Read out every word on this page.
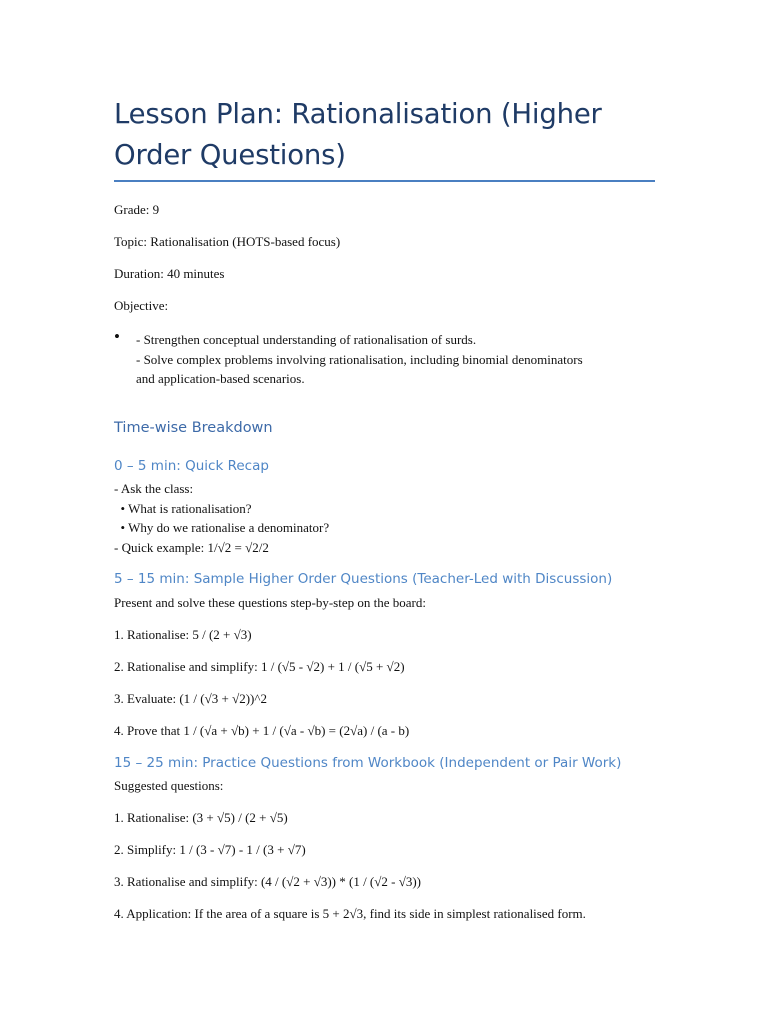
Lesson Plan: Rationalisation (Higher Order Questions)
Grade: 9
Topic: Rationalisation (HOTS-based focus)
Duration: 40 minutes
Objective:
• - Strengthen conceptual understanding of rationalisation of surds.
- Solve complex problems involving rationalisation, including binomial denominators
and application-based scenarios.
Time-wise Breakdown
0 – 5 min: Quick Recap
- Ask the class:
• What is rationalisation?
• Why do we rationalise a denominator?
- Quick example: 1/√2 = √2/2
5 – 15 min: Sample Higher Order Questions (Teacher-Led with Discussion)
Present and solve these questions step-by-step on the board:
1. Rationalise: 5 / (2 + √3)
2. Rationalise and simplify: 1 / (√5 - √2) + 1 / (√5 + √2)
3. Evaluate: (1 / (√3 + √2))^2
4. Prove that 1 / (√a + √b) + 1 / (√a - √b) = (2√a) / (a - b)
15 – 25 min: Practice Questions from Workbook (Independent or Pair Work)
Suggested questions:
1. Rationalise: (3 + √5) / (2 + √5)
2. Simplify: 1 / (3 - √7) - 1 / (3 + √7)
3. Rationalise and simplify: (4 / (√2 + √3)) * (1 / (√2 - √3))
4. Application: If the area of a square is 5 + 2√3, find its side in simplest rationalised form.
